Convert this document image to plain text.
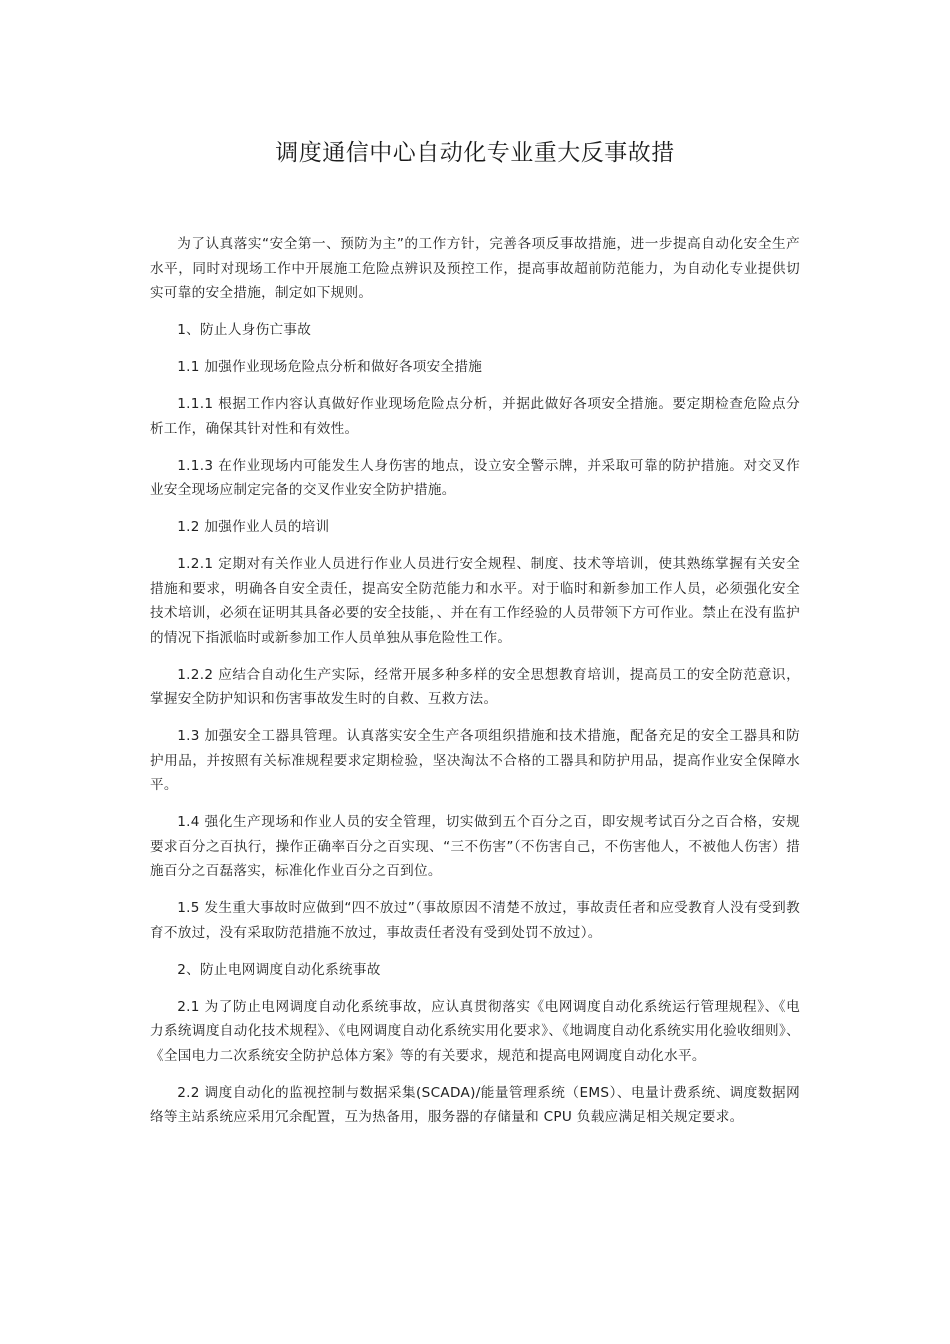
调度通信中心自动化专业重大反事故措

为了认真落实“安全第一、预防为主”的工作方针，完善各项反事故措施，进一步提高自动化安全生产水平，同时对现场工作中开展施工危险点辨识及预控工作，提高事故超前防范能力，为自动化专业提供切实可靠的安全措施，制定如下规则。

1、防止人身伤亡事故

1.1 加强作业现场危险点分析和做好各项安全措施

1.1.1 根据工作内容认真做好作业现场危险点分析，并据此做好各项安全措施。要定期检查危险点分析工作，确保其针对性和有效性。

1.1.3 在作业现场内可能发生人身伤害的地点，设立安全警示牌，并采取可靠的防护措施。对交叉作业安全现场应制定完备的交叉作业安全防护措施。

1.2 加强作业人员的培训

1.2.1 定期对有关作业人员进行作业人员进行安全规程、制度、技术等培训，使其熟练掌握有关安全措施和要求，明确各自安全责任，提高安全防范能力和水平。对于临时和新参加工作人员，必须强化安全技术培训，必须在证明其具备必要的安全技能，、并在有工作经验的人员带领下方可作业。禁止在没有监护的情况下指派临时或新参加工作人员单独从事危险性工作。

1.2.2 应结合自动化生产实际，经常开展多种多样的安全思想教育培训，提高员工的安全防范意识，掌握安全防护知识和伤害事故发生时的自救、互救方法。

1.3 加强安全工器具管理。认真落实安全生产各项组织措施和技术措施，配备充足的安全工器具和防护用品，并按照有关标准规程要求定期检验，坚决淘汰不合格的工器具和防护用品，提高作业安全保障水平。

1.4 强化生产现场和作业人员的安全管理，切实做到五个百分之百，即安规考试百分之百合格，安规要求百分之百执行，操作正确率百分之百实现、“三不伤害”（不伤害自己，不伤害他人，不被他人伤害）措施百分之百磊落实，标准化作业百分之百到位。

1.5 发生重大事故时应做到“四不放过”（事故原因不清楚不放过，事故责任者和应受教育人没有受到教育不放过，没有采取防范措施不放过，事故责任者没有受到处罚不放过）。

2、防止电网调度自动化系统事故

2.1 为了防止电网调度自动化系统事故，应认真贯彻落实《电网调度自动化系统运行管理规程》、《电力系统调度自动化技术规程》、《电网调度自动化系统实用化要求》、《地调度自动化系统实用化验收细则》、《全国电力二次系统安全防护总体方案》等的有关要求，规范和提高电网调度自动化水平。

2.2 调度自动化的监视控制与数据采集(SCADA)/能量管理系统（EMS）、电量计费系统、调度数据网络等主站系统应采用冗余配置，互为热备用，服务器的存储量和 CPU 负载应满足相关规定要求。
